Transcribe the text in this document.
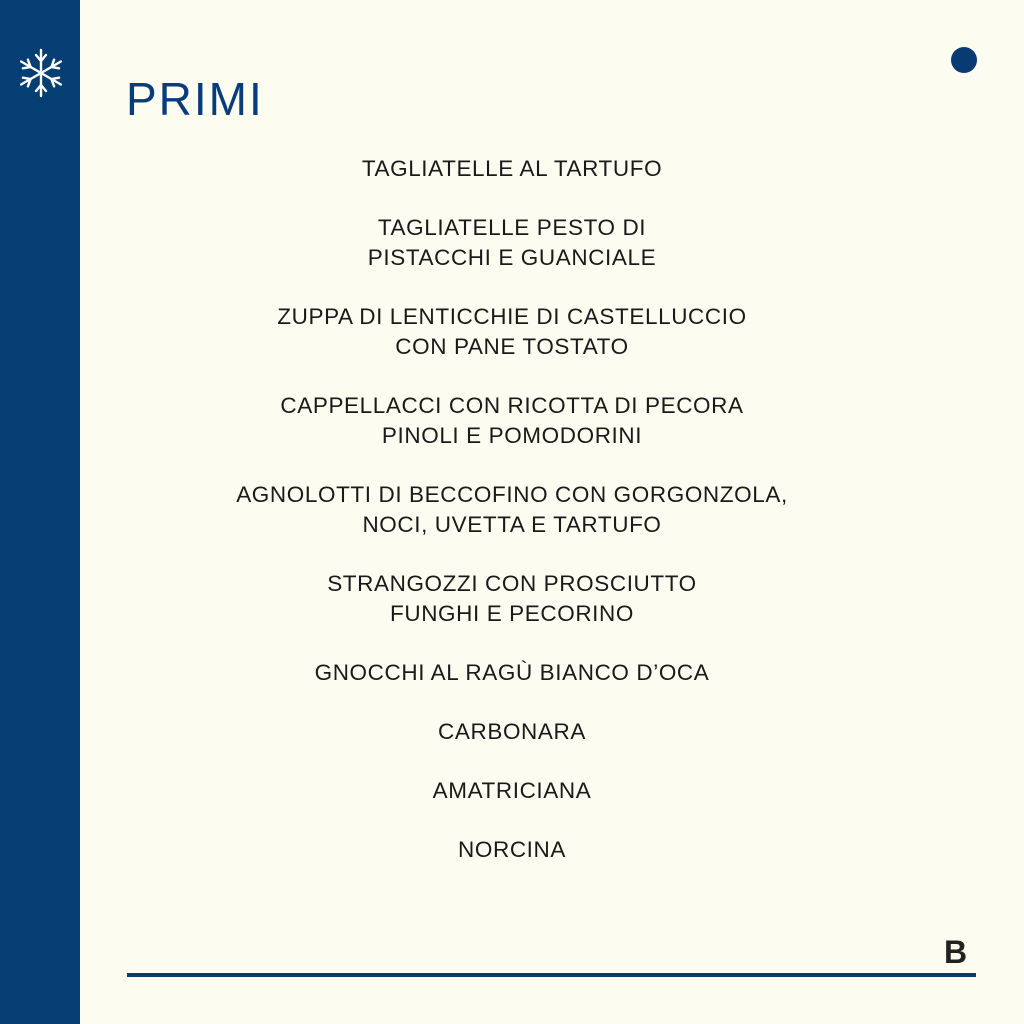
PRIMI
TAGLIATELLE AL TARTUFO
TAGLIATELLE PESTO DI
PISTACCHI E GUANCIALE
ZUPPA DI LENTICCHIE DI CASTELLUCCIO
CON PANE TOSTATO
CAPPELLACCI CON RICOTTA DI PECORA
PINOLI E POMODORINI
AGNOLOTTI DI BECCOFINO CON GORGONZOLA,
NOCI, UVETTA E TARTUFO
STRANGOZZI CON PROSCIUTTO
FUNGHI E PECORINO
GNOCCHI AL RAGÙ BIANCO D’OCA
CARBONARA
AMATRICIANA
NORCINA
B
